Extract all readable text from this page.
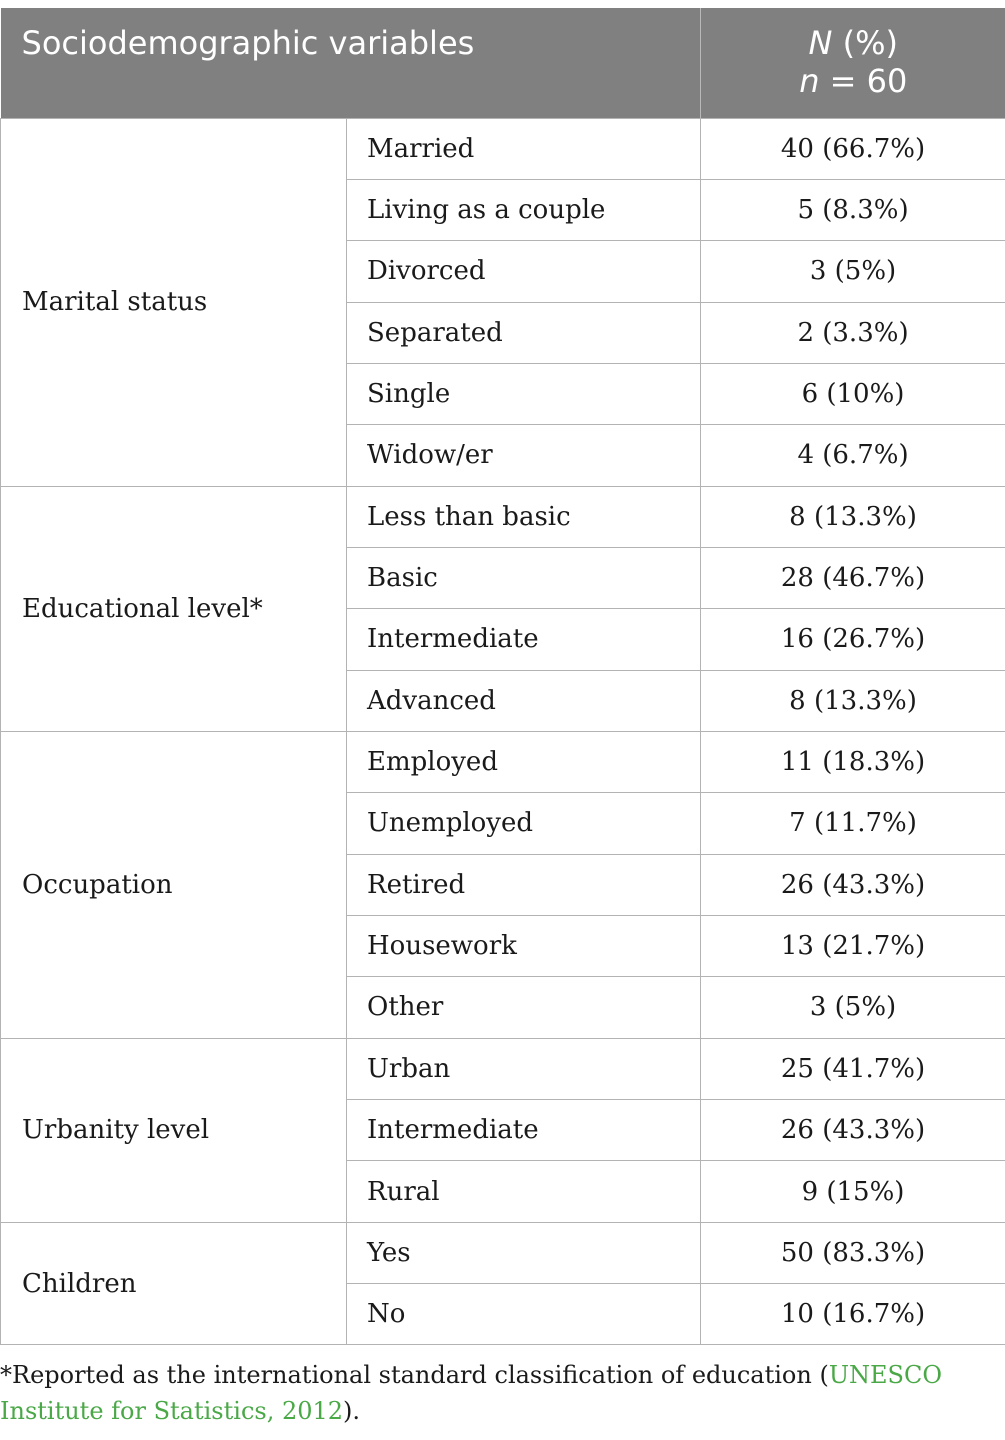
Sociodemographic variables		N (%)
n = 60
Marital status	Married	40 (66.7%)
	Living as a couple	5 (8.3%)
	Divorced	3 (5%)
	Separated	2 (3.3%)
	Single	6 (10%)
	Widow/er	4 (6.7%)
Educational level*	Less than basic	8 (13.3%)
	Basic	28 (46.7%)
	Intermediate	16 (26.7%)
	Advanced	8 (13.3%)
Occupation	Employed	11 (18.3%)
	Unemployed	7 (11.7%)
	Retired	26 (43.3%)
	Housework	13 (21.7%)
	Other	3 (5%)
Urbanity level	Urban	25 (41.7%)
	Intermediate	26 (43.3%)
	Rural	9 (15%)
Children	Yes	50 (83.3%)
	No	10 (16.7%)
*Reported as the international standard classification of education (UNESCO Institute for Statistics, 2012).
